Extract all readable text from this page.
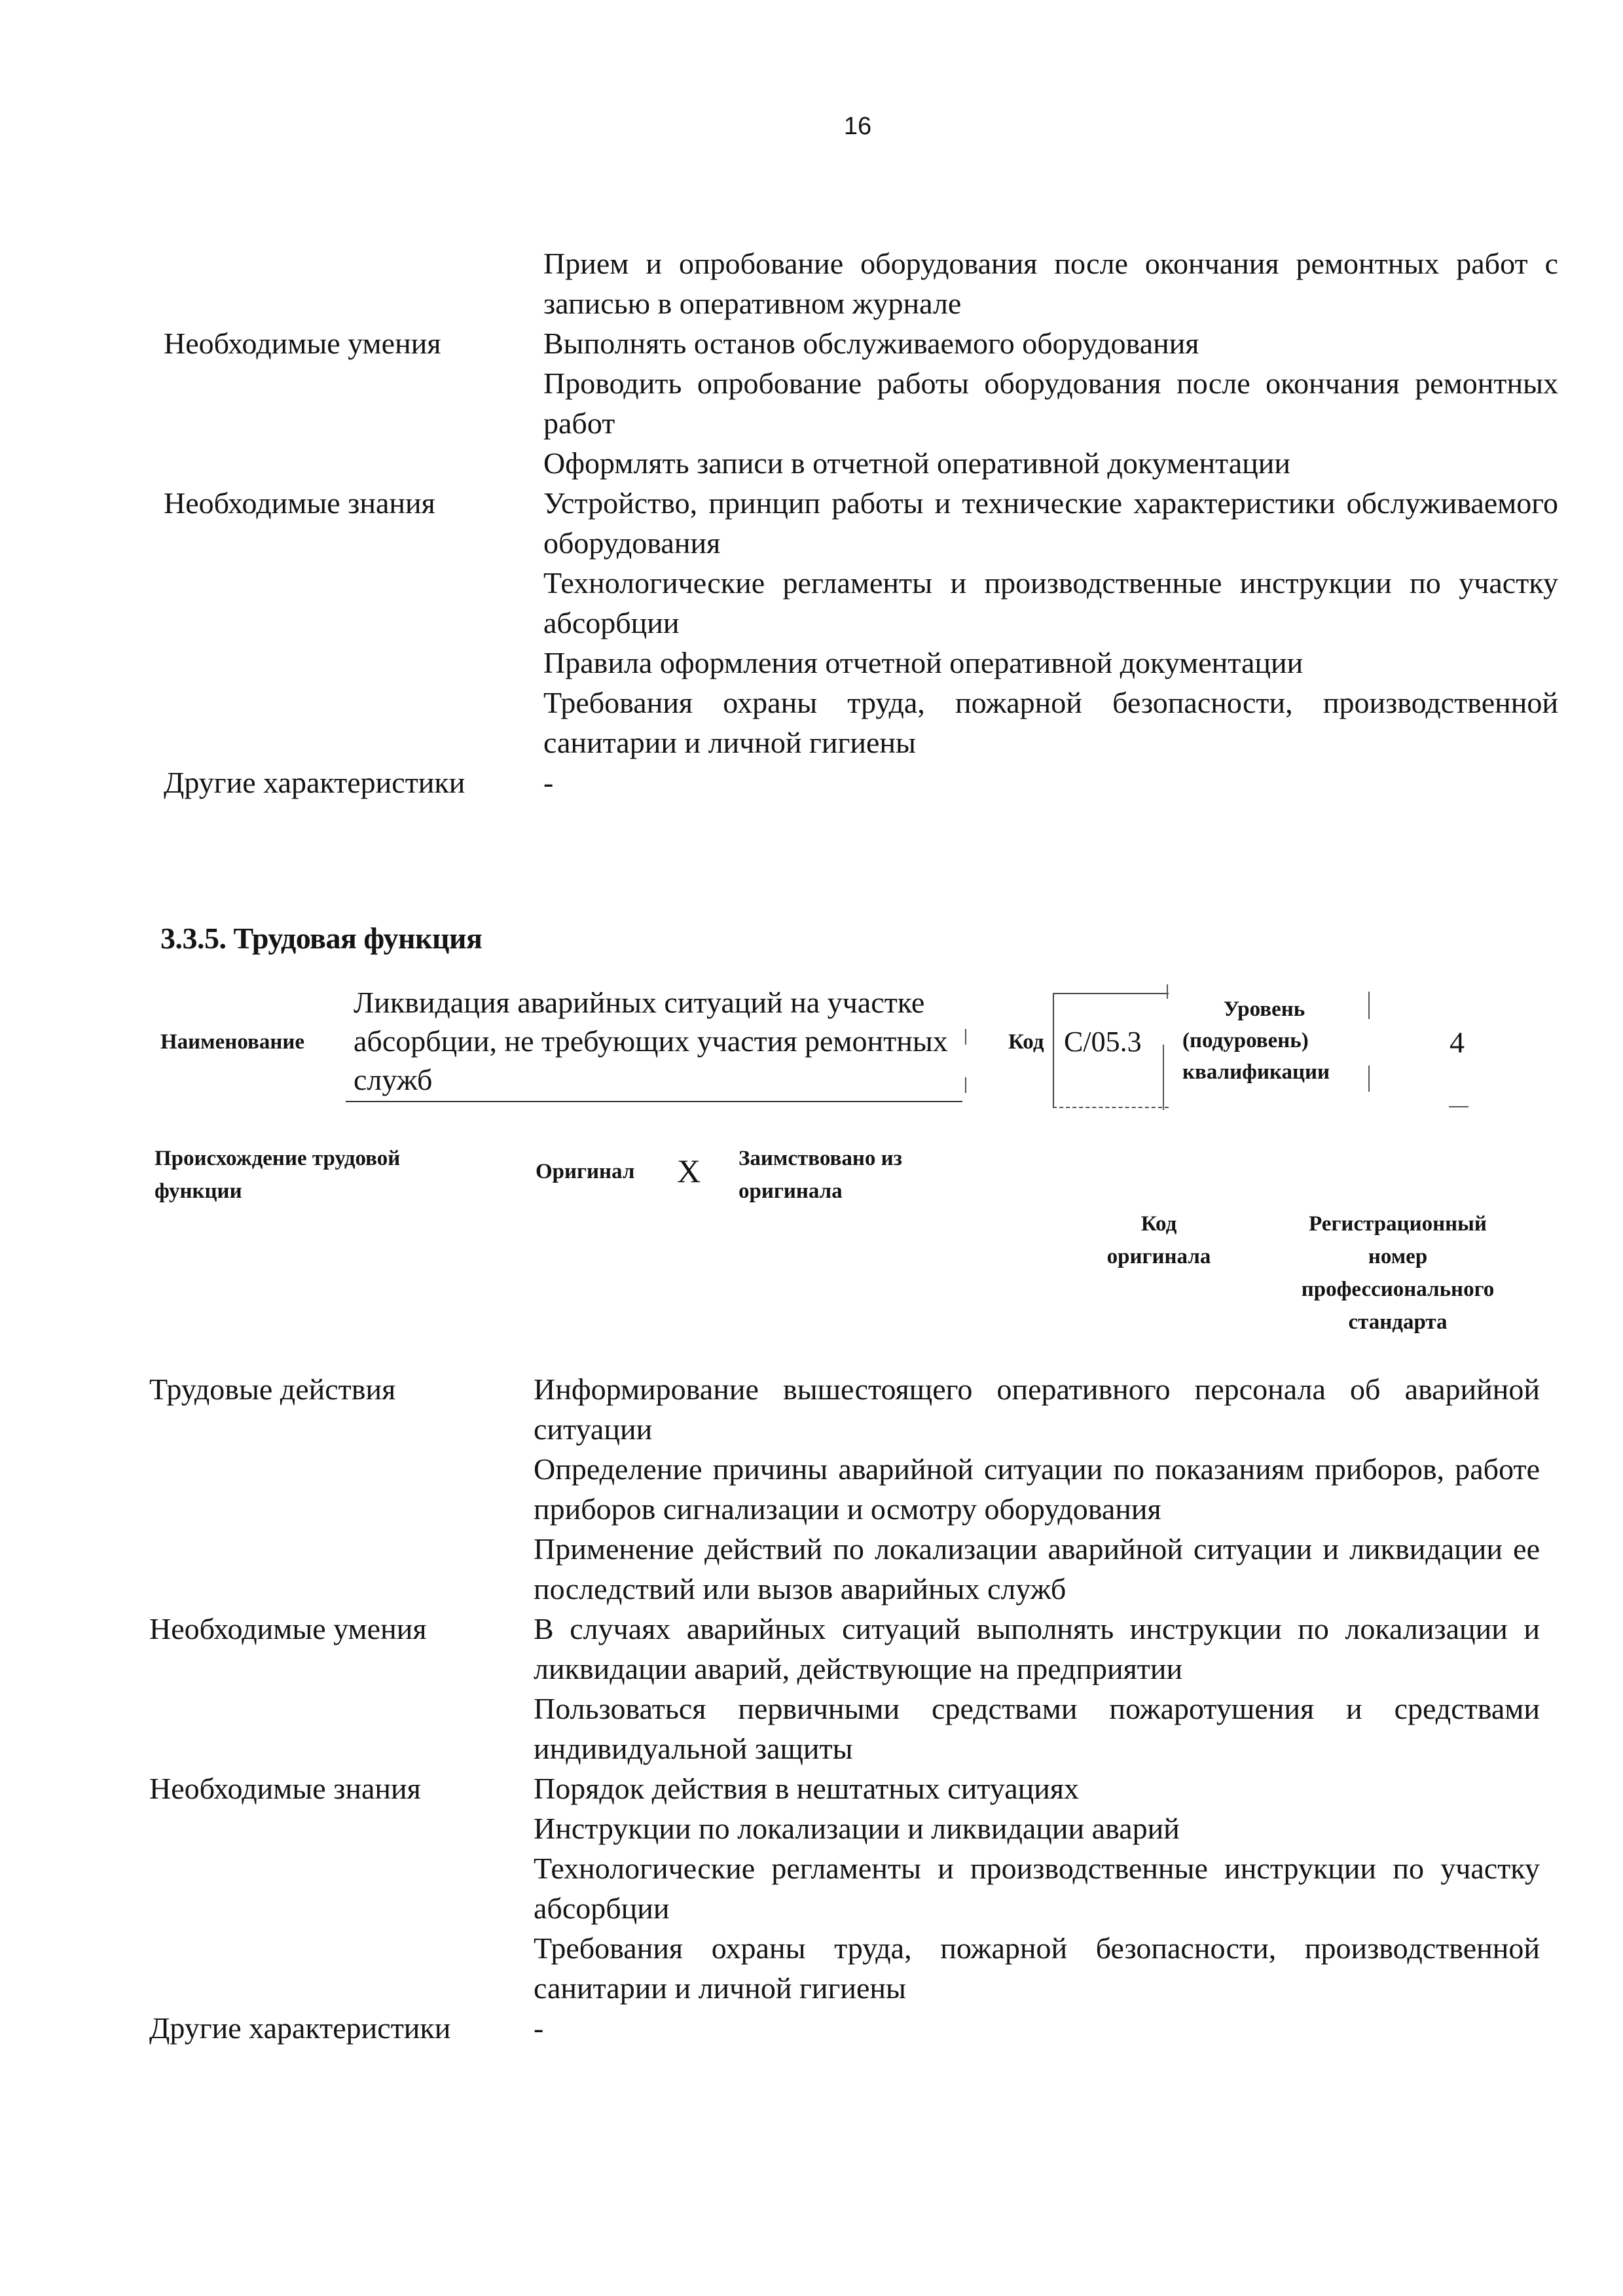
16
Прием и опробование оборудования после окончания ремонтных работ с записью в оперативном журнале
Необходимые умения	Выполнять останов обслуживаемого оборудования
Проводить опробование работы оборудования после окончания ремонтных работ
Оформлять записи в отчетной оперативной документации
Необходимые знания	Устройство, принцип работы и технические характеристики обслуживаемого оборудования
Технологические регламенты и производственные инструкции по участку абсорбции
Правила оформления отчетной оперативной документации
Требования охраны труда, пожарной безопасности, производственной санитарии и личной гигиены
Другие характеристики	-
3.3.5. Трудовая функция
Наименование
Ликвидация аварийных ситуаций на участке абсорбции, не требующих участия ремонтных служб
Код C/05.3
Уровень
(подуровень)
квалификации
4
Происхождение трудовой
функции
Оригинал X Заимствовано из
оригинала
Код
оригинала
Регистрационный
номер
профессионального
стандарта
Трудовые действия	Информирование вышестоящего оперативного персонала об аварийной ситуации
Определение причины аварийной ситуации по показаниям приборов, работе приборов сигнализации и осмотру оборудования
Применение действий по локализации аварийной ситуации и ликвидации ее последствий или вызов аварийных служб
Необходимые умения	В случаях аварийных ситуаций выполнять инструкции по локализации и ликвидации аварий, действующие на предприятии
Пользоваться первичными средствами пожаротушения и средствами индивидуальной защиты
Необходимые знания	Порядок действия в нештатных ситуациях
Инструкции по локализации и ликвидации аварий
Технологические регламенты и производственные инструкции по участку абсорбции
Требования охраны труда, пожарной безопасности, производственной санитарии и личной гигиены
Другие характеристики	-
